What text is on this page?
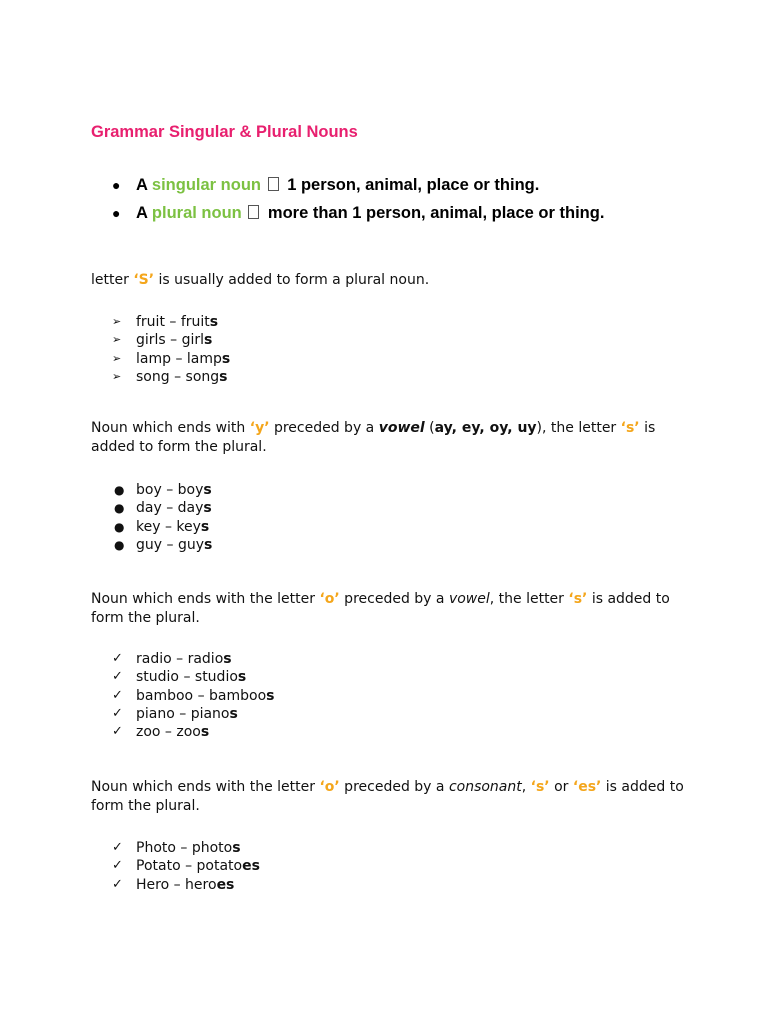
Grammar Singular & Plural Nouns
● A singular noun 1 person, animal, place or thing.
● A plural noun more than 1 person, animal, place or thing.

letter ‘S’ is usually added to form a plural noun.

➢	fruit – fruits
➢	girls – girls
➢	lamp – lamps
➢	song – songs

Noun which ends with ‘y’ preceded by a vowel (ay, ey, oy, uy), the letter ‘s’ is added to form the plural.

● boy – boys
● day – days
● key – keys
● guy – guys

Noun which ends with the letter ‘o’ preceded by a vowel, the letter ‘s’ is added to form the plural.

✓ radio – radios
✓ studio – studios
✓ bamboo – bamboos
✓ piano – pianos
✓ zoo – zoos

Noun which ends with the letter ‘o’ preceded by a consonant, ‘s’ or ‘es’ is added to form the plural.

✓ Photo – photos
✓ Potato – potatoes
✓ Hero – heroes
